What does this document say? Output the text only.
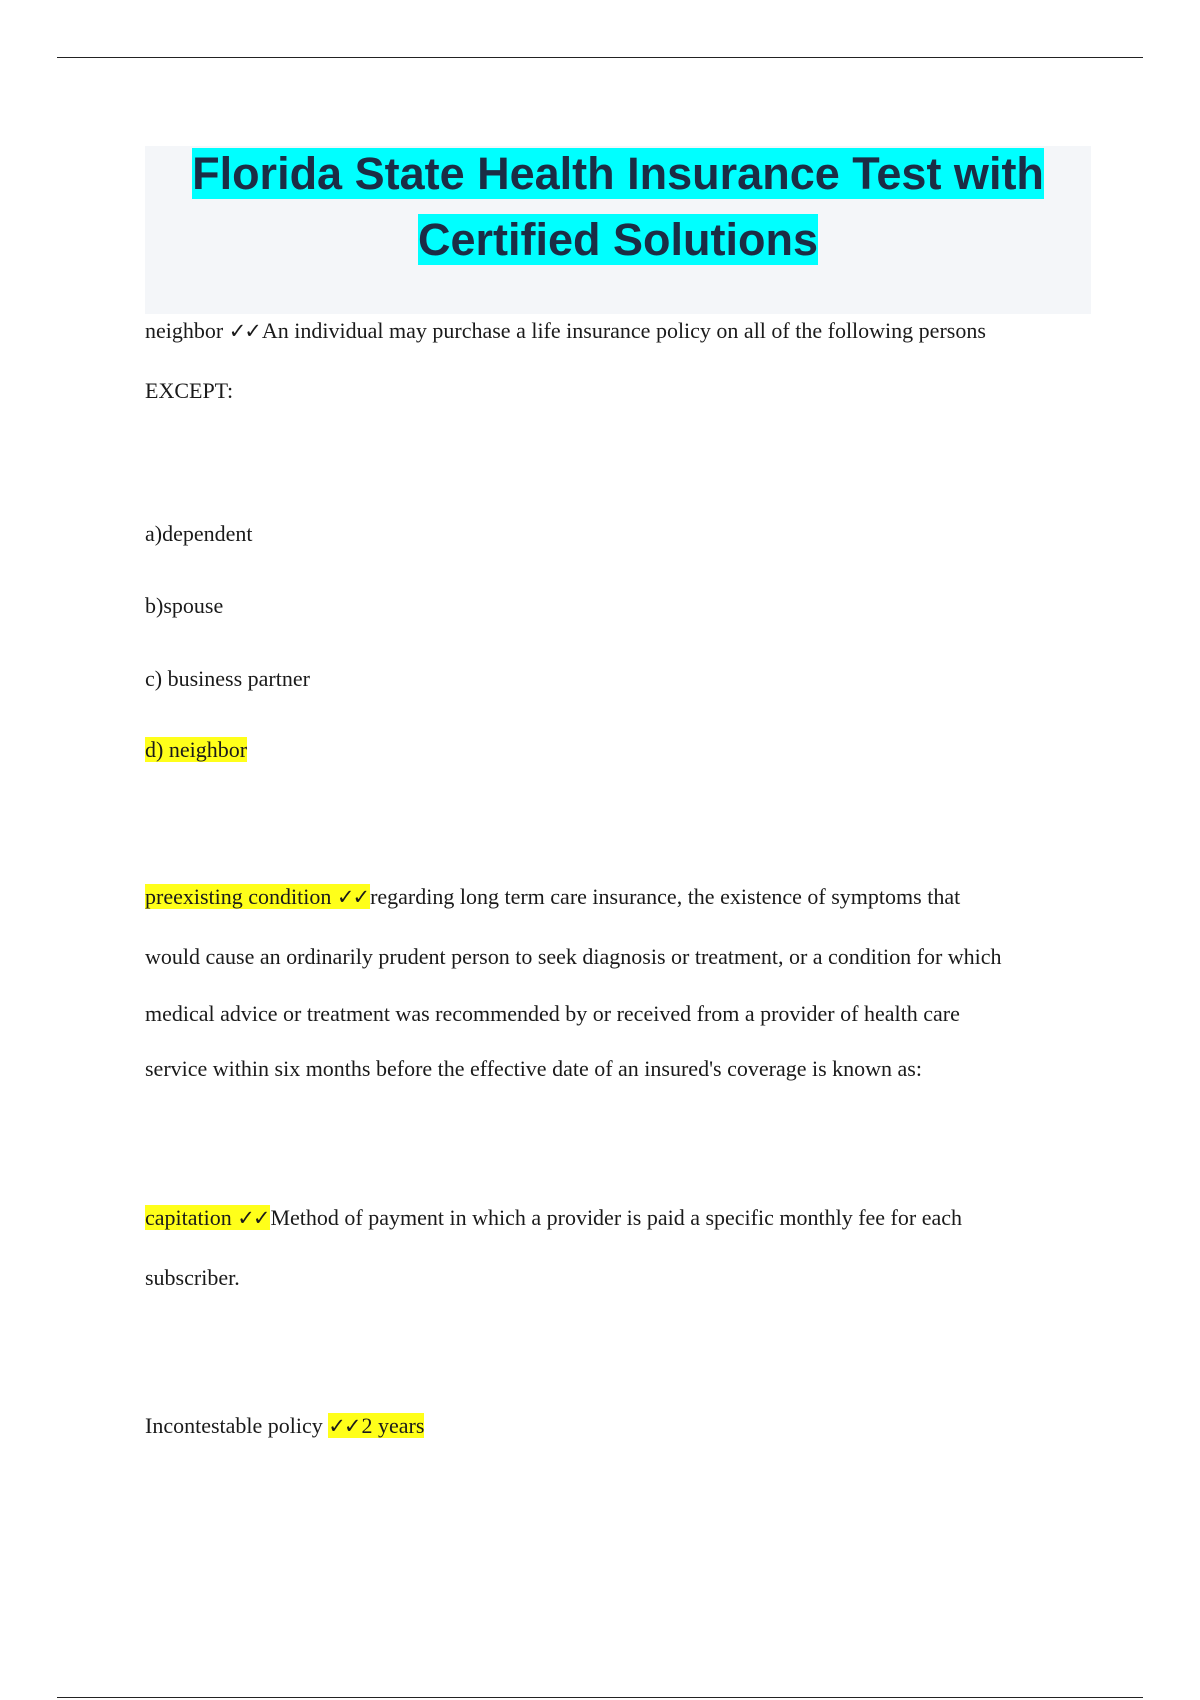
Florida State Health Insurance Test with Certified Solutions
neighbor ✓✓An individual may purchase a life insurance policy on all of the following persons
EXCEPT:
a)dependent
b)spouse
c) business partner
d) neighbor
preexisting condition ✓✓regarding long term care insurance, the existence of symptoms that
would cause an ordinarily prudent person to seek diagnosis or treatment, or a condition for which
medical advice or treatment was recommended by or received from a provider of health care
service within six months before the effective date of an insured's coverage is known as:
capitation ✓✓Method of payment in which a provider is paid a specific monthly fee for each
subscriber.
Incontestable policy ✓✓2 years
